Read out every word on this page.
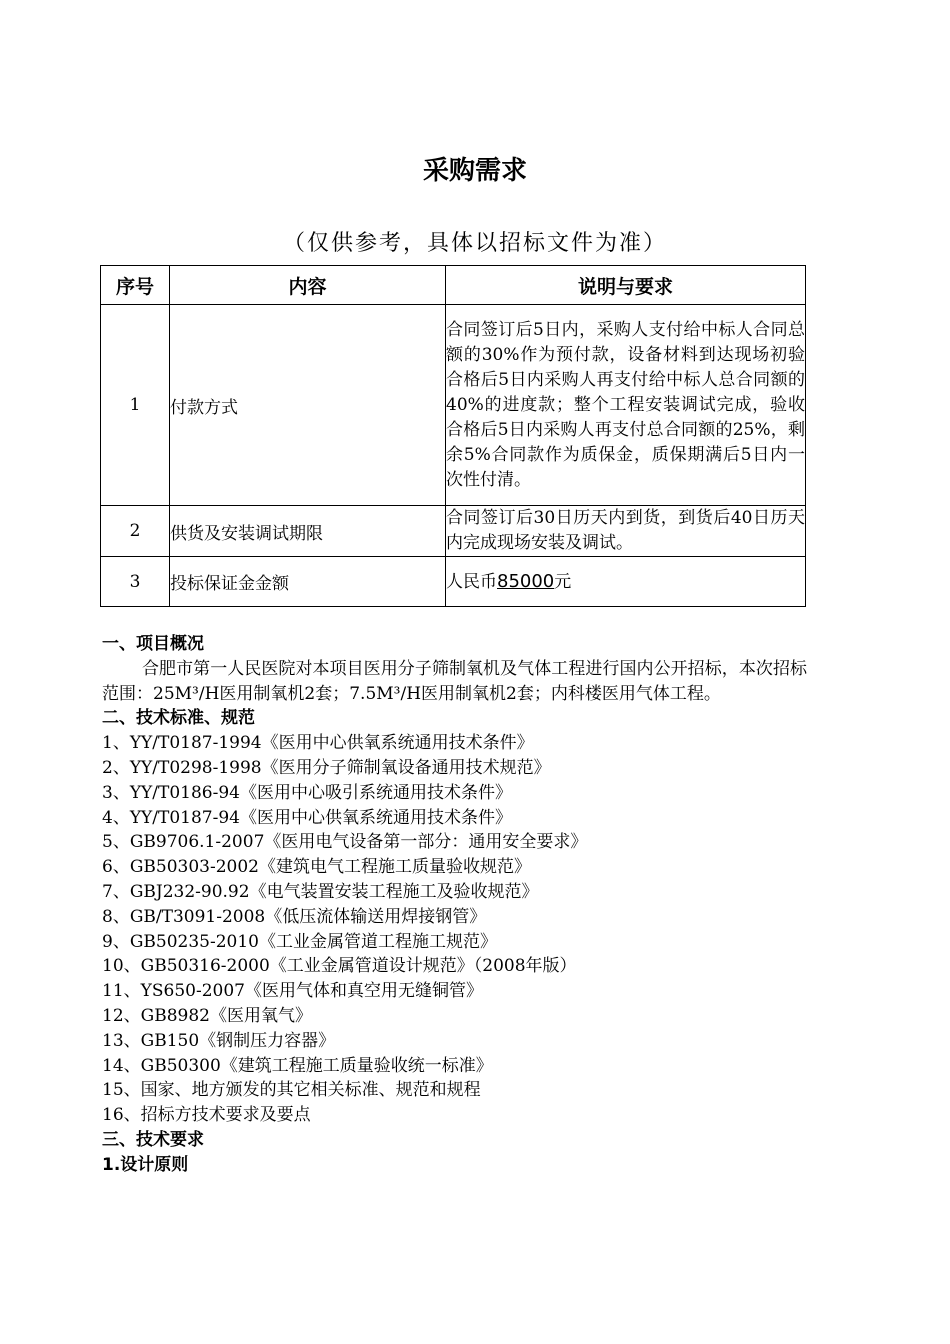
采购需求
（仅供参考，具体以招标文件为准）
序号	内容	说明与要求
1	付款方式	合同签订后5日内，采购人支付给中标人合同总额的30%作为预付款，设备材料到达现场初验合格后5日内采购人再支付给中标人总合同额的40%的进度款；整个工程安装调试完成，验收合格后5日内采购人再支付总合同额的25%，剩余5%合同款作为质保金，质保期满后5日内一次性付清。
2	供货及安装调试期限	合同签订后30日历天内到货，到货后40日历天内完成现场安装及调试。
3	投标保证金金额	人民币85000元
一、项目概况
合肥市第一人民医院对本项目医用分子筛制氧机及气体工程进行国内公开招标，本次招标范围：25M³/H医用制氧机2套；7.5M³/H医用制氧机2套；内科楼医用气体工程。
二、技术标准、规范
1、YY/T0187-1994《医用中心供氧系统通用技术条件》
2、YY/T0298-1998《医用分子筛制氧设备通用技术规范》
3、YY/T0186-94《医用中心吸引系统通用技术条件》
4、YY/T0187-94《医用中心供氧系统通用技术条件》
5、GB9706.1-2007《医用电气设备第一部分：通用安全要求》
6、GB50303-2002《建筑电气工程施工质量验收规范》
7、GBJ232-90.92《电气装置安装工程施工及验收规范》
8、GB/T3091-2008《低压流体输送用焊接钢管》
9、GB50235-2010《工业金属管道工程施工规范》
10、GB50316-2000《工业金属管道设计规范》（2008年版）
11、YS650-2007《医用气体和真空用无缝铜管》
12、GB8982《医用氧气》
13、GB150《钢制压力容器》
14、GB50300《建筑工程施工质量验收统一标准》
15、国家、地方颁发的其它相关标准、规范和规程
16、招标方技术要求及要点
三、技术要求
1.设计原则
